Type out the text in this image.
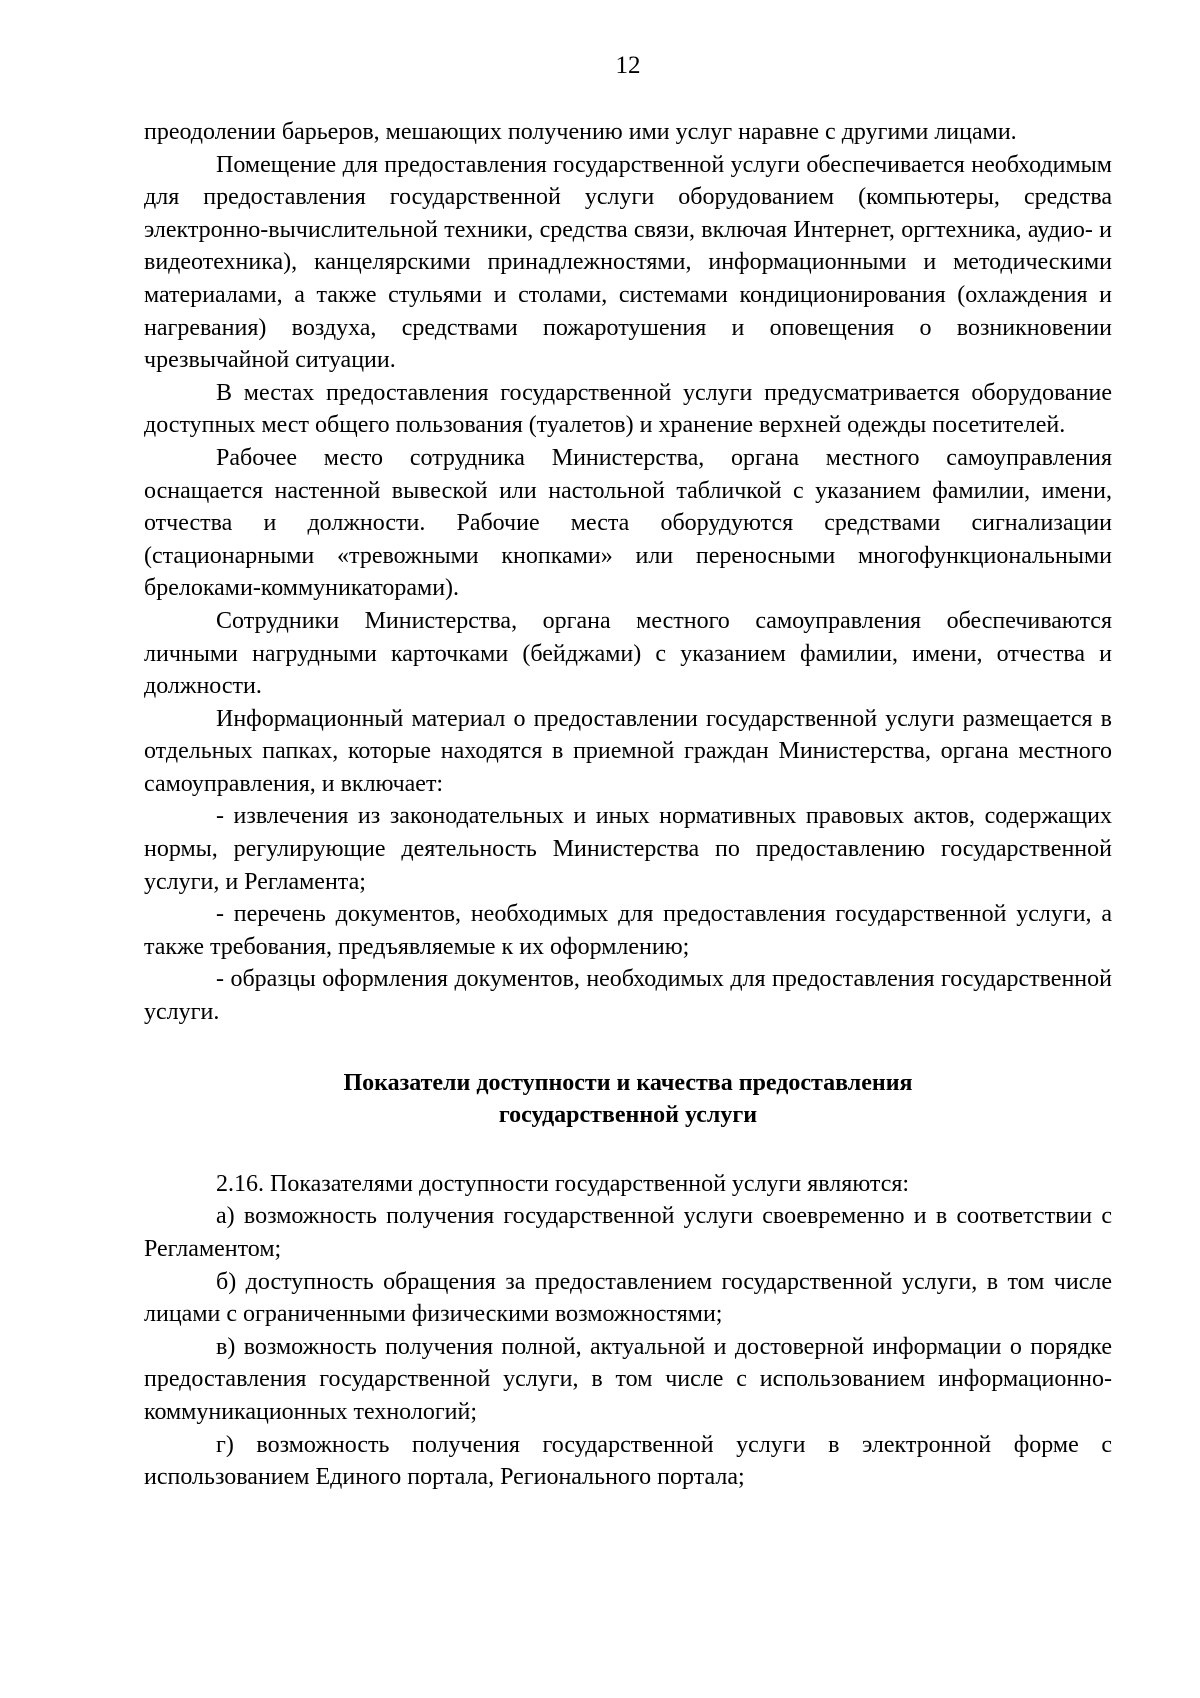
12

преодолении барьеров, мешающих получению ими услуг наравне с другими лицами.

Помещение для предоставления государственной услуги обеспечивается необходимым для предоставления государственной услуги оборудованием (компьютеры, средства электронно-вычислительной техники, средства связи, включая Интернет, оргтехника, аудио- и видеотехника), канцелярскими принадлежностями, информационными и методическими материалами, а также стульями и столами, системами кондиционирования (охлаждения и нагревания) воздуха, средствами пожаротушения и оповещения о возникновении чрезвычайной ситуации.

В местах предоставления государственной услуги предусматривается оборудование доступных мест общего пользования (туалетов) и хранение верхней одежды посетителей.

Рабочее место сотрудника Министерства, органа местного самоуправления оснащается настенной вывеской или настольной табличкой с указанием фамилии, имени, отчества и должности. Рабочие места оборудуются средствами сигнализации (стационарными «тревожными кнопками» или переносными многофункциональными брелоками-коммуникаторами).

Сотрудники Министерства, органа местного самоуправления обеспечиваются личными нагрудными карточками (бейджами) с указанием фамилии, имени, отчества и должности.

Информационный материал о предоставлении государственной услуги размещается в отдельных папках, которые находятся в приемной граждан Министерства, органа местного самоуправления, и включает:

- извлечения из законодательных и иных нормативных правовых актов, содержащих нормы, регулирующие деятельность Министерства по предоставлению государственной услуги, и Регламента;

- перечень документов, необходимых для предоставления государственной услуги, а также требования, предъявляемые к их оформлению;

- образцы оформления документов, необходимых для предоставления государственной услуги.

Показатели доступности и качества предоставления
государственной услуги

2.16. Показателями доступности государственной услуги являются:

а) возможность получения государственной услуги своевременно и в соответствии с Регламентом;

б) доступность обращения за предоставлением государственной услуги, в том числе лицами с ограниченными физическими возможностями;

в) возможность получения полной, актуальной и достоверной информации о порядке предоставления государственной услуги, в том числе с использованием информационно-коммуникационных технологий;

г) возможность получения государственной услуги в электронной форме с использованием Единого портала, Регионального портала;
